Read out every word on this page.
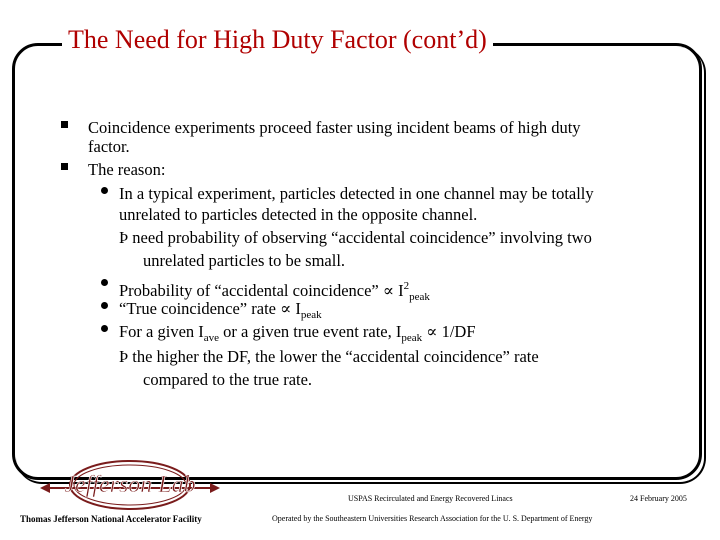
The Need for High Duty Factor (cont’d)
Coincidence experiments proceed faster using incident beams of high duty
factor.
The reason:
In a typical experiment, particles detected in one channel may be totally
unrelated to particles detected in the opposite channel.
Þ need probability of observing “accidental coincidence” involving two
unrelated particles to be small.
Probability of “accidental coincidence” ∝ $I^2_{peak}$
“True coincidence” rate ∝ $I_{peak}$
For a given $I_{ave}$ or a given true event rate, $I_{peak} \propto 1/DF$
Þ the higher the DF, the lower the “accidental coincidence” rate
compared to the true rate.
Jefferson Lab
USPAS Recirculated and Energy Recovered Linacs	24 February 2005
Thomas Jefferson National Accelerator Facility	Operated by the Southeastern Universities Research Association for the U. S. Department of Energy
